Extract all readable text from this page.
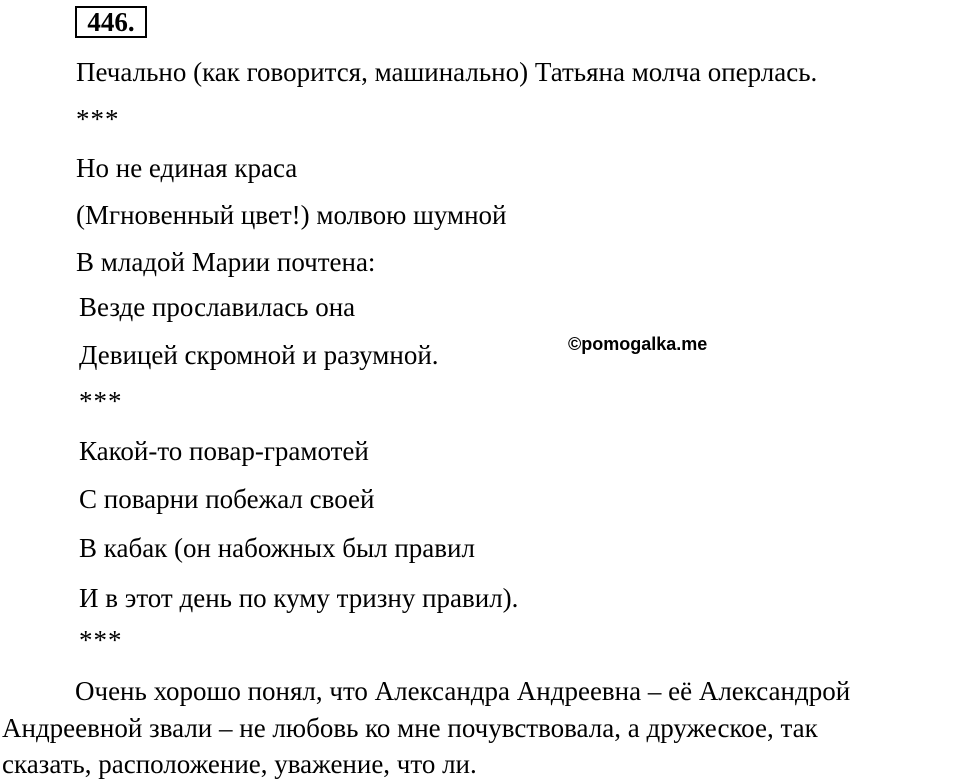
446.
Печально (как говорится, машинально) Татьяна молча оперлась.
***
Но не единая краса
(Мгновенный цвет!) молвою шумной
В младой Марии почтена:
Везде прославилась она
Девицей скромной и разумной.
***
Какой-то повар-грамотей
С поварни побежал своей
В кабак (он набожных был правил
И в этот день по куму тризну правил).
***
Очень хорошо понял, что Александра Андреевна – её Александрой
Андреевной звали – не любовь ко мне почувствовала, а дружеское, так
сказать, расположение, уважение, что ли.
©pomogalka.me
